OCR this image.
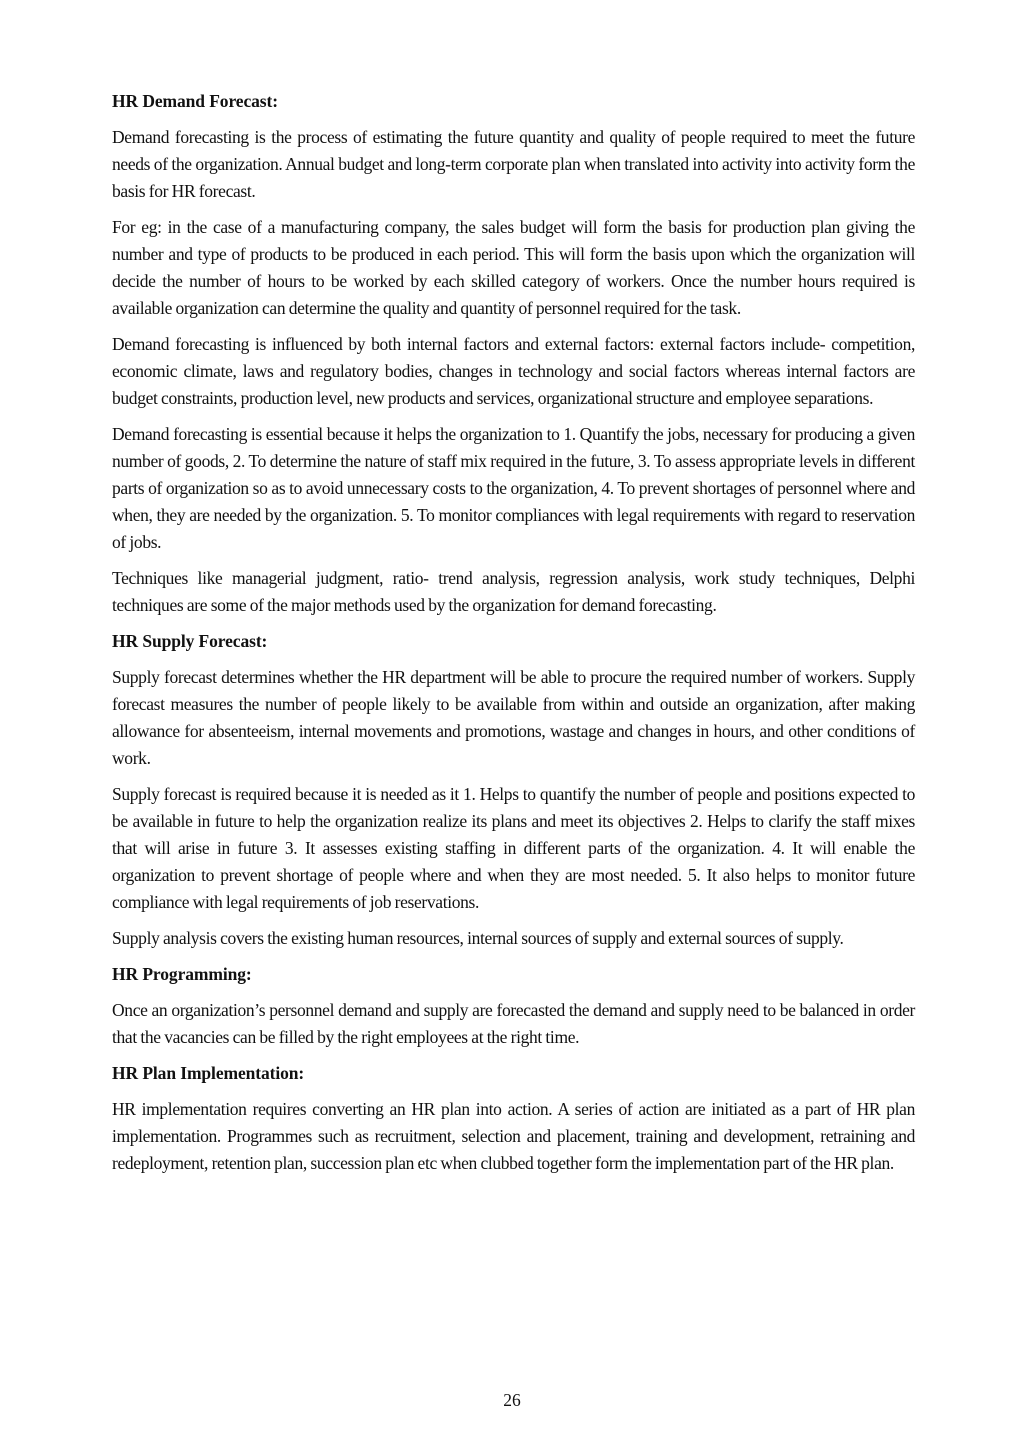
HR Demand Forecast:

Demand forecasting is the process of estimating the future quantity and quality of people required to meet the future needs of the organization. Annual budget and long-term corporate plan when translated into activity into activity form the basis for HR forecast.

For eg: in the case of a manufacturing company, the sales budget will form the basis for production plan giving the number and type of products to be produced in each period. This will form the basis upon which the organization will decide the number of hours to be worked by each skilled category of workers. Once the number hours required is available organization can determine the quality and quantity of personnel required for the task.

Demand forecasting is influenced by both internal factors and external factors: external factors include- competition, economic climate, laws and regulatory bodies, changes in technology and social factors whereas internal factors are budget constraints, production level, new products and services, organizational structure and employee separations.

Demand forecasting is essential because it helps the organization to 1. Quantify the jobs, necessary for producing a given number of goods, 2. To determine the nature of staff mix required in the future, 3. To assess appropriate levels in different parts of organization so as to avoid unnecessary costs to the organization, 4. To prevent shortages of personnel where and when, they are needed by the organization. 5. To monitor compliances with legal requirements with regard to reservation of jobs.

Techniques like managerial judgment, ratio- trend analysis, regression analysis, work study techniques, Delphi techniques are some of the major methods used by the organization for demand forecasting.

HR Supply Forecast:

Supply forecast determines whether the HR department will be able to procure the required number of workers. Supply forecast measures the number of people likely to be available from within and outside an organization, after making allowance for absenteeism, internal movements and promotions, wastage and changes in hours, and other conditions of work.

Supply forecast is required because it is needed as it 1. Helps to quantify the number of people and positions expected to be available in future to help the organization realize its plans and meet its objectives 2. Helps to clarify the staff mixes that will arise in future 3. It assesses existing staffing in different parts of the organization. 4. It will enable the organization to prevent shortage of people where and when they are most needed. 5. It also helps to monitor future compliance with legal requirements of job reservations.

Supply analysis covers the existing human resources, internal sources of supply and external sources of supply.

HR Programming:

Once an organization’s personnel demand and supply are forecasted the demand and supply need to be balanced in order that the vacancies can be filled by the right employees at the right time.

HR Plan Implementation:

HR implementation requires converting an HR plan into action. A series of action are initiated as a part of HR plan implementation. Programmes such as recruitment, selection and placement, training and development, retraining and redeployment, retention plan, succession plan etc when clubbed together form the implementation part of the HR plan.

26
